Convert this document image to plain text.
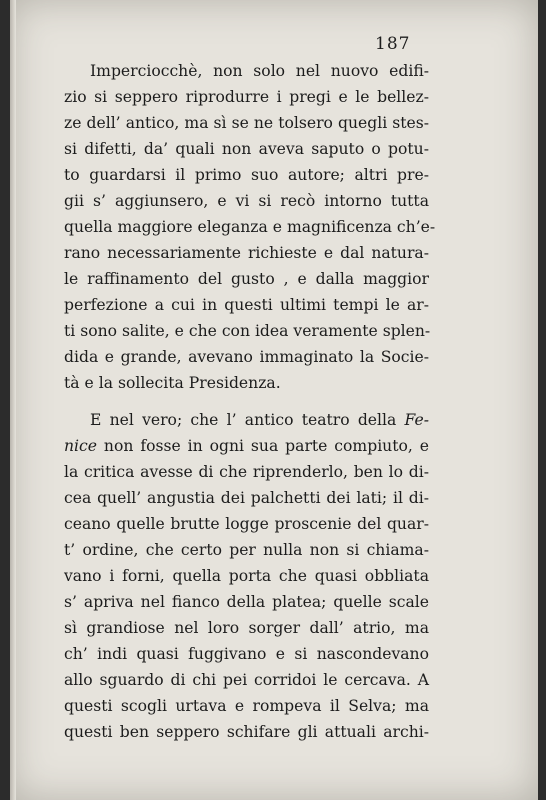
187
Imperciocchè, non solo nel nuovo edifi-
zio si seppero riprodurre i pregi e le bellez-
ze dell’ antico, ma sì se ne tolsero quegli stes-
si difetti, da’ quali non aveva saputo o potu-
to guardarsi il primo suo autore; altri pre-
gii s’ aggiunsero, e vi si recò intorno tutta
quella maggiore eleganza e magnificenza ch’e-
rano necessariamente richieste e dal natura-
le raffinamento del gusto , e dalla maggior
perfezione a cui in questi ultimi tempi le ar-
ti sono salite, e che con idea veramente splen-
dida e grande, avevano immaginato la Socie-
tà e la sollecita Presidenza.
E nel vero; che l’ antico teatro della Fe-
nice non fosse in ogni sua parte compiuto, e
la critica avesse di che riprenderlo, ben lo di-
cea quell’ angustia dei palchetti dei lati; il di-
ceano quelle brutte logge proscenie del quar-
t’ ordine, che certo per nulla non si chiama-
vano i forni, quella porta che quasi obbliata
s’ apriva nel fianco della platea; quelle scale
sì grandiose nel loro sorger dall’ atrio, ma
ch’ indi quasi fuggivano e si nascondevano
allo sguardo di chi pei corridoi le cercava. A
questi scogli urtava e rompeva il Selva; ma
questi ben seppero schifare gli attuali archi-
